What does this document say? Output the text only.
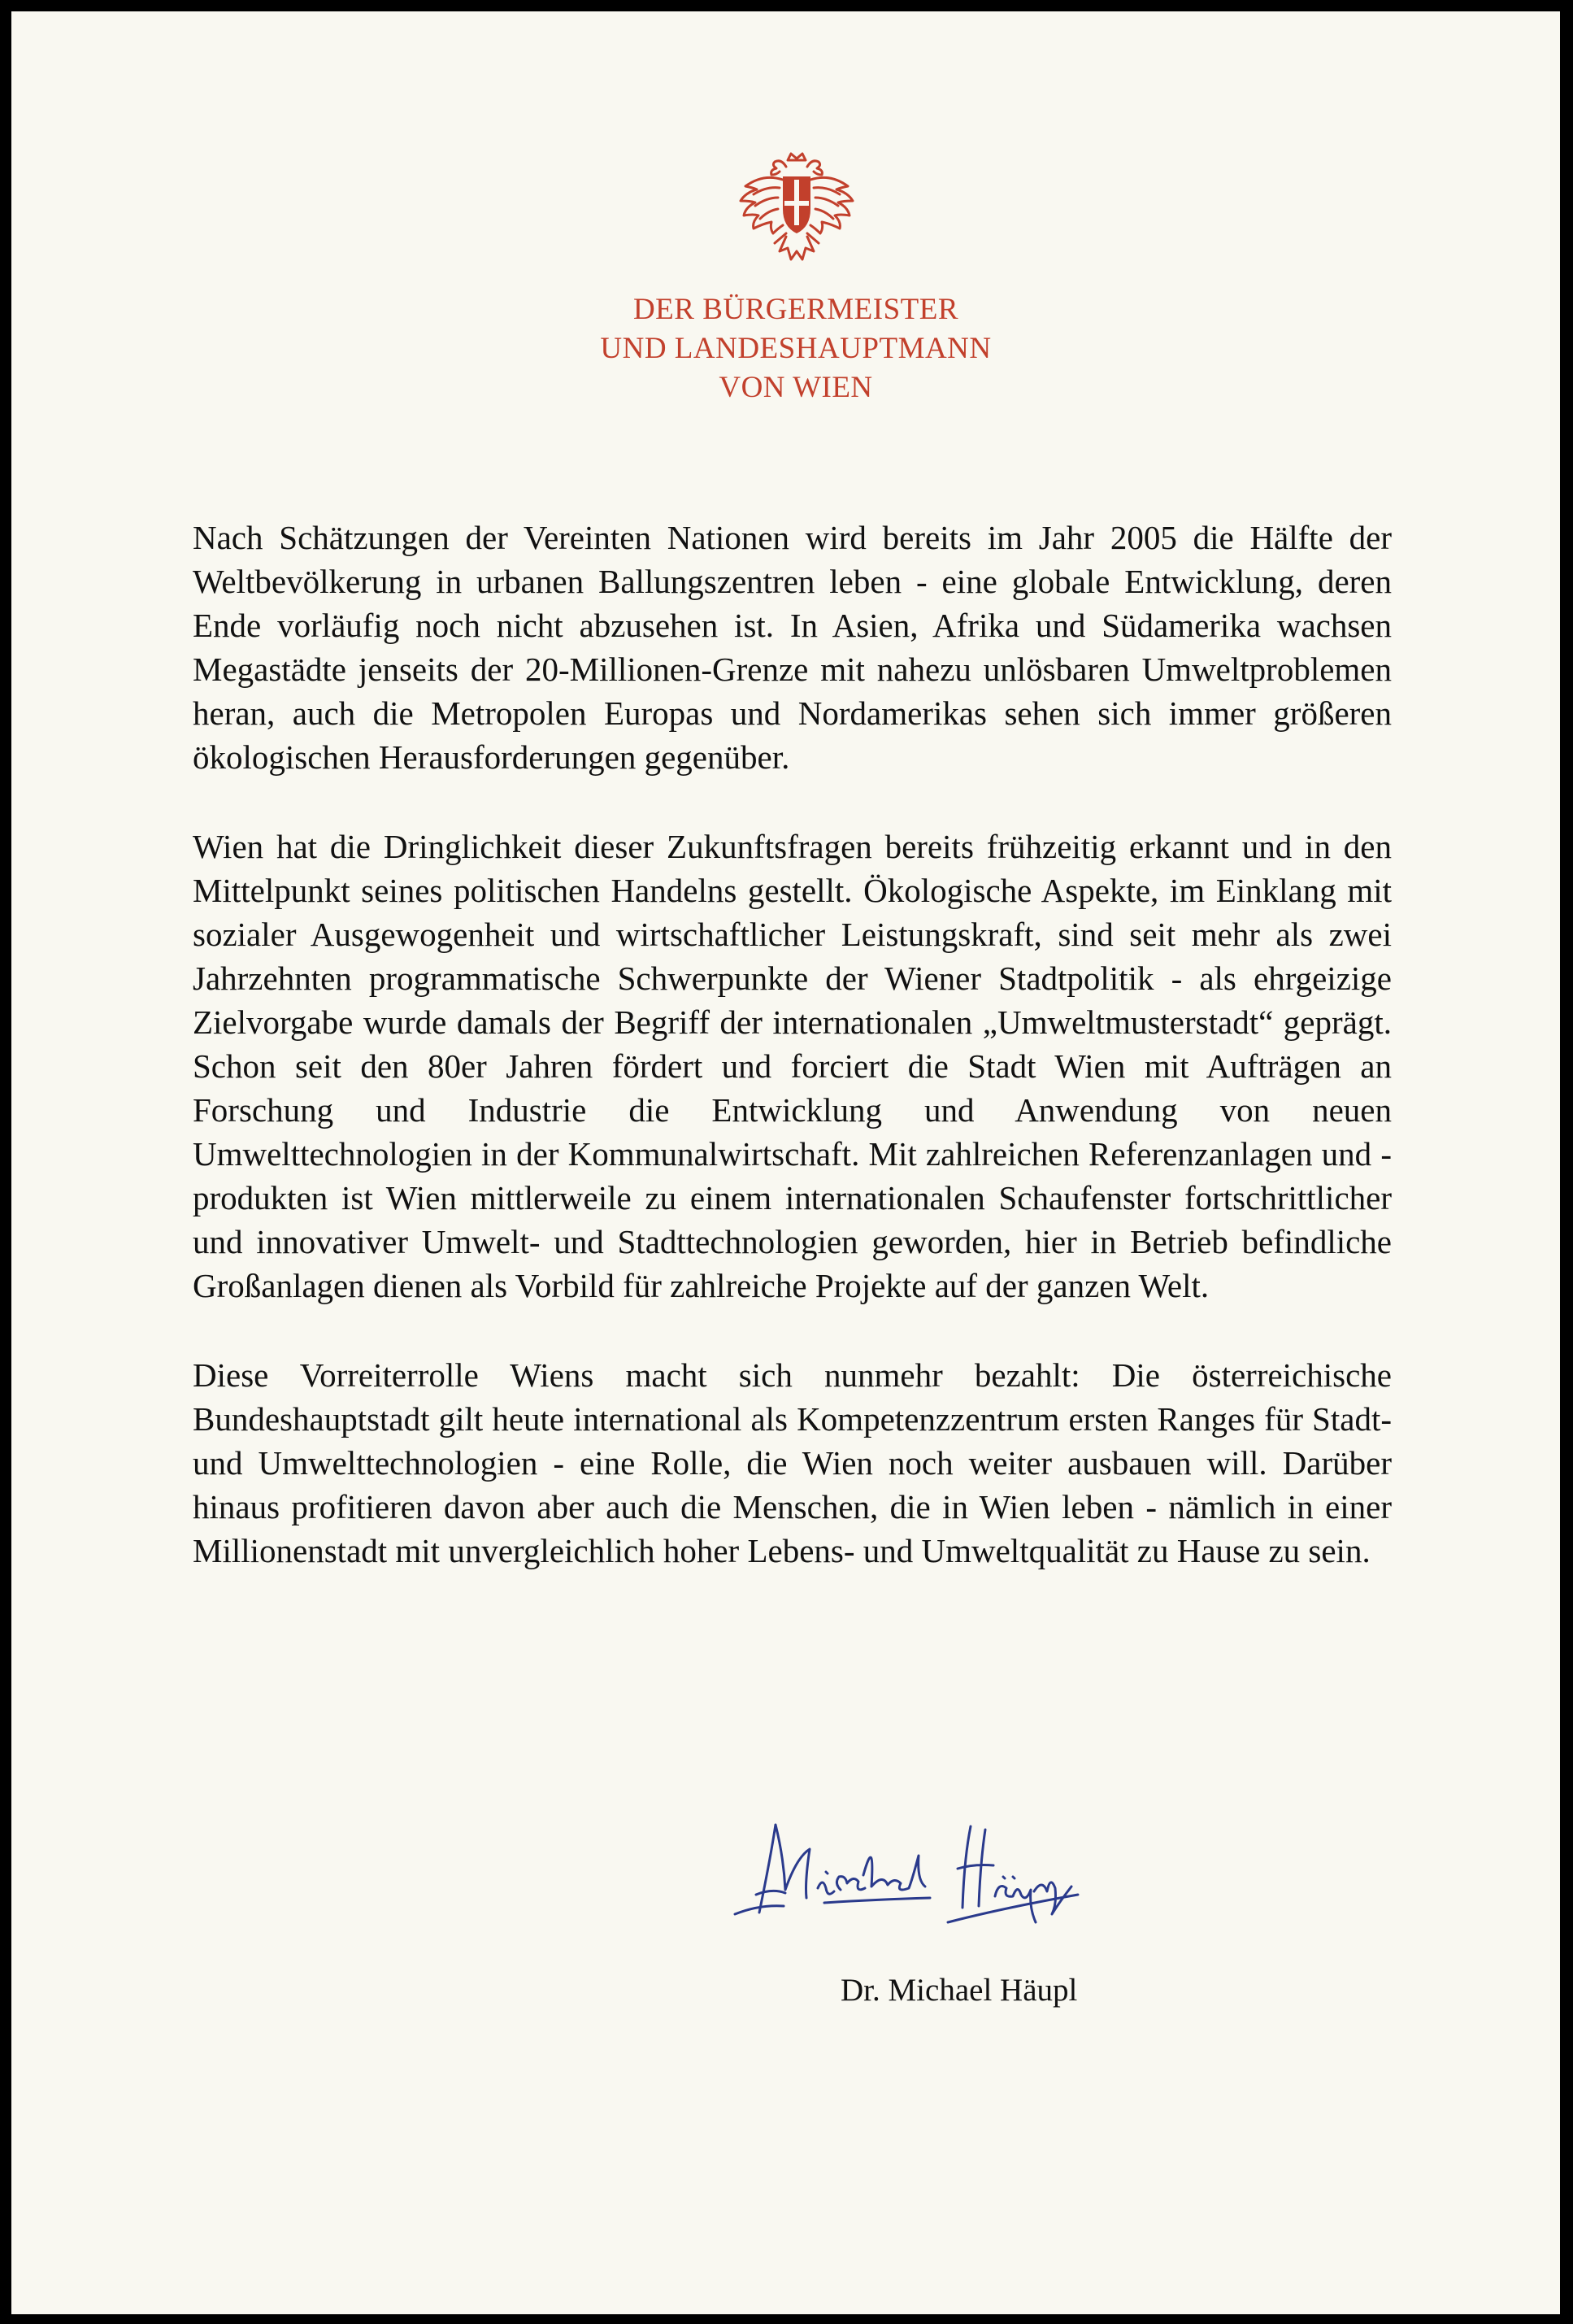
DER BÜRGERMEISTER
UND LANDESHAUPTMANN
VON WIEN

Nach Schätzungen der Vereinten Nationen wird bereits im Jahr 2005 die Hälfte der Weltbevölkerung in urbanen Ballungszentren leben - eine globale Entwicklung, deren Ende vorläufig noch nicht abzusehen ist. In Asien, Afrika und Südamerika wachsen Megastädte jenseits der 20-Millionen-Grenze mit nahezu unlösbaren Umweltproblemen heran, auch die Metropolen Europas und Nordamerikas sehen sich immer größeren ökologischen Herausforderungen gegenüber.

Wien hat die Dringlichkeit dieser Zukunftsfragen bereits frühzeitig erkannt und in den Mittelpunkt seines politischen Handelns gestellt. Ökologische Aspekte, im Einklang mit sozialer Ausgewogenheit und wirtschaftlicher Leistungskraft, sind seit mehr als zwei Jahrzehnten programmatische Schwerpunkte der Wiener Stadtpolitik - als ehrgeizige Zielvorgabe wurde damals der Begriff der internationalen „Umweltmusterstadt“ geprägt. Schon seit den 80er Jahren fördert und forciert die Stadt Wien mit Aufträgen an Forschung und Industrie die Entwicklung und Anwendung von neuen Umwelttechnologien in der Kommunalwirtschaft. Mit zahlreichen Referenzanlagen und -produkten ist Wien mittlerweile zu einem internationalen Schaufenster fortschrittlicher und innovativer Umwelt- und Stadttechnologien geworden, hier in Betrieb befindliche Großanlagen dienen als Vorbild für zahlreiche Projekte auf der ganzen Welt.

Diese Vorreiterrolle Wiens macht sich nunmehr bezahlt: Die österreichische Bundeshauptstadt gilt heute international als Kompetenzzentrum ersten Ranges für Stadt- und Umwelttechnologien - eine Rolle, die Wien noch weiter ausbauen will. Darüber hinaus profitieren davon aber auch die Menschen, die in Wien leben - nämlich in einer Millionenstadt mit unvergleichlich hoher Lebens- und Umweltqualität zu Hause zu sein.

Dr. Michael Häupl
